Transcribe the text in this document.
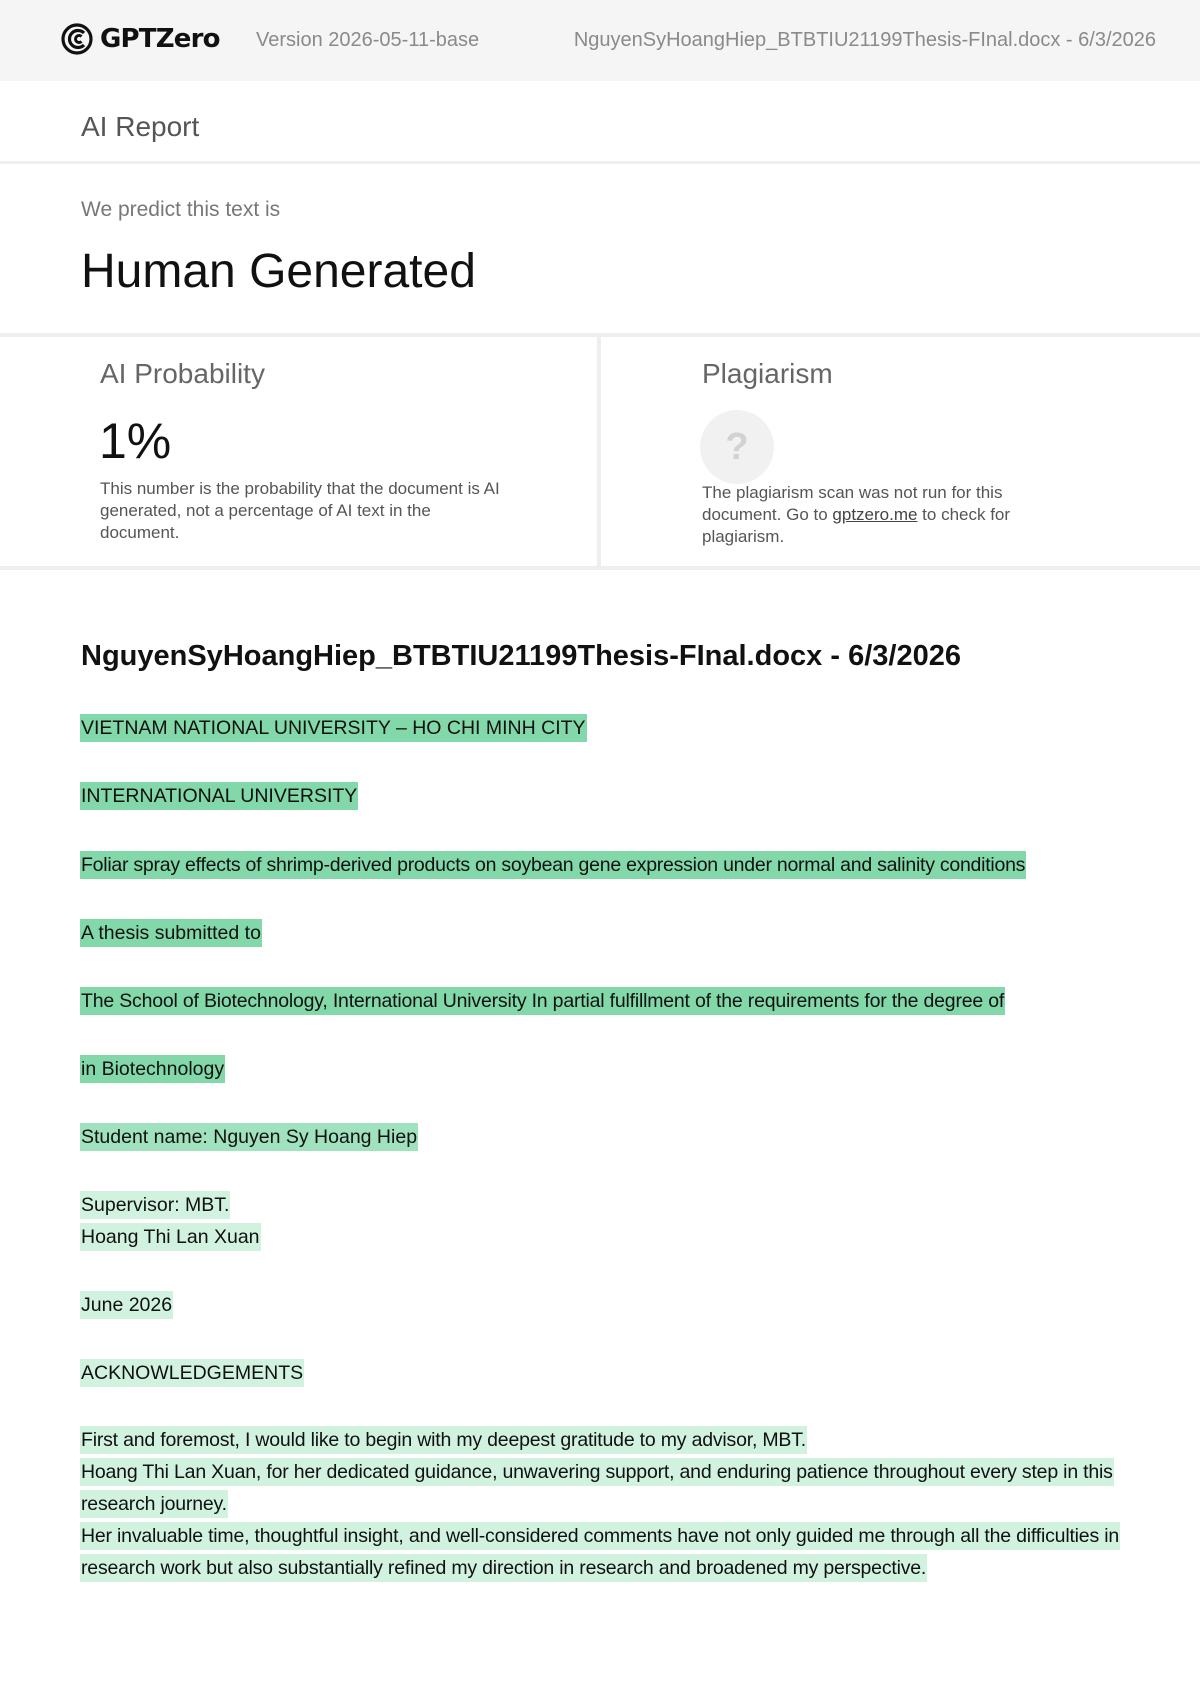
GPTZero Version 2026-05-11-base	NguyenSyHoangHiep_BTBTIU21199Thesis-FInal.docx - 6/3/2026
AI Report
We predict this text is
Human Generated
AI Probability
1%

This number is the probability that the document is AI generated, not a percentage of AI text in the document.

Plagiarism
?

The plagiarism scan was not run for this document. Go to gptzero.me to check for plagiarism.

NguyenSyHoangHiep_BTBTIU21199Thesis-FInal.docx - 6/3/2026
VIETNAM NATIONAL UNIVERSITY – HO CHI MINH CITY
INTERNATIONAL UNIVERSITY
Foliar spray effects of shrimp-derived products on soybean gene expression under normal and salinity conditions
A thesis submitted to
The School of Biotechnology, International University In partial fulfillment of the requirements for the degree of
in Biotechnology
Student name: Nguyen Sy Hoang Hiep
Supervisor: MBT.
Hoang Thi Lan Xuan
June 2026
ACKNOWLEDGEMENTS
First and foremost, I would like to begin with my deepest gratitude to my advisor, MBT.
Hoang Thi Lan Xuan, for her dedicated guidance, unwavering support, and enduring patience throughout every step in this research journey.
Her invaluable time, thoughtful insight, and well-considered comments have not only guided me through all the difficulties in research work but also substantially refined my direction in research and broadened my perspective.
